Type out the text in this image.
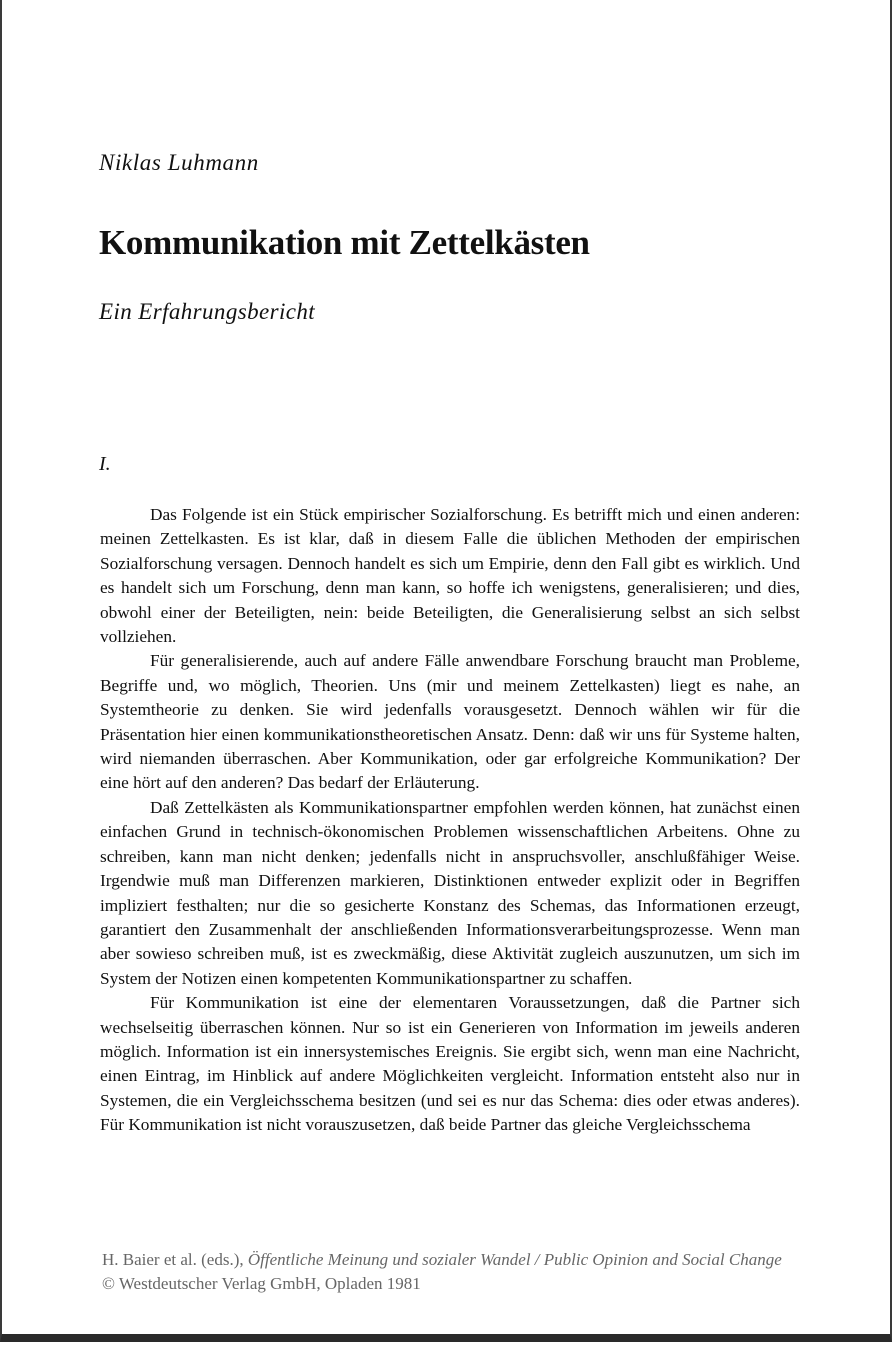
Niklas Luhmann
Kommunikation mit Zettelkästen
Ein Erfahrungsbericht
I.

Das Folgende ist ein Stück empirischer Sozialforschung. Es betrifft mich und einen anderen: meinen Zettelkasten. Es ist klar, daß in diesem Falle die üblichen Methoden der empirischen Sozialforschung versagen. Dennoch handelt es sich um Empirie, denn den Fall gibt es wirklich. Und es handelt sich um Forschung, denn man kann, so hoffe ich wenigstens, generalisieren; und dies, obwohl einer der Beteiligten, nein: beide Beteiligten, die Generalisierung selbst an sich selbst vollziehen.

Für generalisierende, auch auf andere Fälle anwendbare Forschung braucht man Probleme, Begriffe und, wo möglich, Theorien. Uns (mir und meinem Zettelkasten) liegt es nahe, an Systemtheorie zu denken. Sie wird jedenfalls vorausgesetzt. Dennoch wählen wir für die Präsentation hier einen kommunikationstheoretischen Ansatz. Denn: daß wir uns für Systeme halten, wird niemanden überraschen. Aber Kommunikation, oder gar erfolgreiche Kommunikation? Der eine hört auf den anderen? Das bedarf der Erläuterung.

Daß Zettelkästen als Kommunikationspartner empfohlen werden können, hat zunächst einen einfachen Grund in technisch-ökonomischen Problemen wissenschaftlichen Arbeitens. Ohne zu schreiben, kann man nicht denken; jedenfalls nicht in anspruchsvoller, anschlußfähiger Weise. Irgendwie muß man Differenzen markieren, Distinktionen entweder explizit oder in Begriffen impliziert festhalten; nur die so gesicherte Konstanz des Schemas, das Informationen erzeugt, garantiert den Zusammenhalt der anschließenden Informationsverarbeitungsprozesse. Wenn man aber sowieso schreiben muß, ist es zweckmäßig, diese Aktivität zugleich auszunutzen, um sich im System der Notizen einen kompetenten Kommunikationspartner zu schaffen.

Für Kommunikation ist eine der elementaren Voraussetzungen, daß die Partner sich wechselseitig überraschen können. Nur so ist ein Generieren von Information im jeweils anderen möglich. Information ist ein innersystemisches Ereignis. Sie ergibt sich, wenn man eine Nachricht, einen Eintrag, im Hinblick auf andere Möglichkeiten vergleicht. Information entsteht also nur in Systemen, die ein Vergleichsschema besitzen (und sei es nur das Schema: dies oder etwas anderes). Für Kommunikation ist nicht vorauszusetzen, daß beide Partner das gleiche Vergleichsschema

H. Baier et al. (eds.), Öffentliche Meinung und sozialer Wandel / Public Opinion and Social Change
© Westdeutscher Verlag GmbH, Opladen 1981
